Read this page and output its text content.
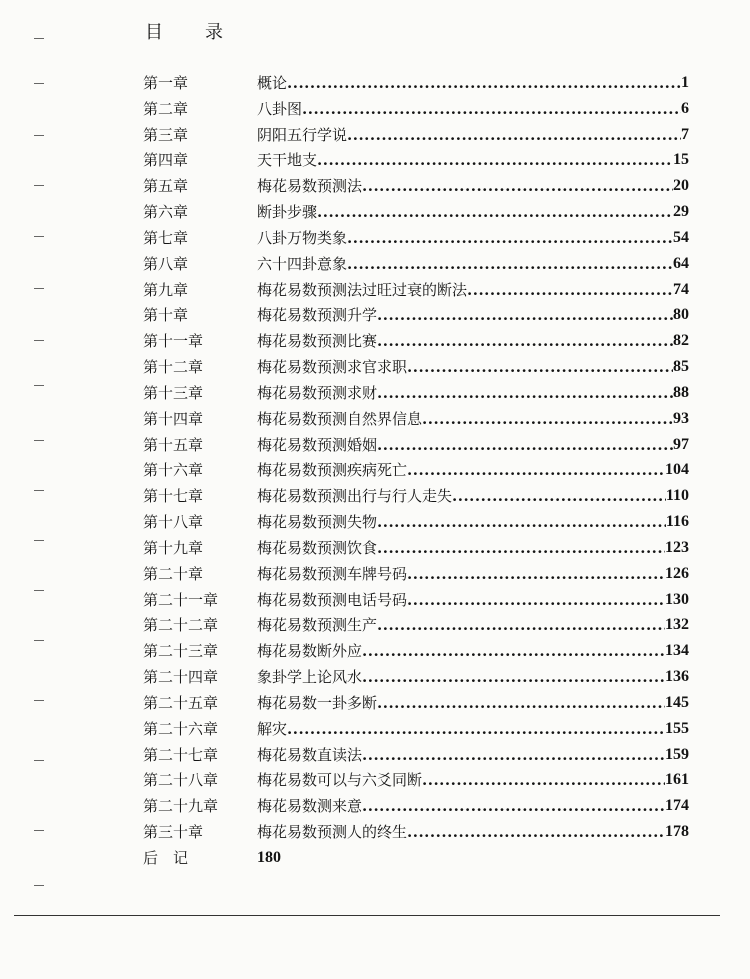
目 录
第一章	概论 .....	1
第二章	八卦图 .....	6
第三章	阴阳五行学说 .....	7
第四章	天干地支 .....	15
第五章	梅花易数预测法 .....	20
第六章	断卦步骤 .....	29
第七章	八卦万物类象 .....	54
第八章	六十四卦意象 .....	64
第九章	梅花易数预测法过旺过衰的断法 .....	74
第十章	梅花易数预测升学 .....	80
第十一章	梅花易数预测比赛 .....	82
第十二章	梅花易数预测求官求职 .....	85
第十三章	梅花易数预测求财 .....	88
第十四章	梅花易数预测自然界信息 .....	93
第十五章	梅花易数预测婚姻 .....	97
第十六章	梅花易数预测疾病死亡 .....	104
第十七章	梅花易数预测出行与行人走失 .....	110
第十八章	梅花易数预测失物 .....	116
第十九章	梅花易数预测饮食 .....	123
第二十章	梅花易数预测车牌号码 .....	126
第二十一章	梅花易数预测电话号码 .....	130
第二十二章	梅花易数预测生产 .....	132
第二十三章	梅花易数断外应 .....	134
第二十四章	象卦学上论风水 .....	136
第二十五章	梅花易数一卦多断 .....	145
第二十六章	解灾 .....	155
第二十七章	梅花易数直读法 .....	159
第二十八章	梅花易数可以与六爻同断 .....	161
第二十九章	梅花易数测来意 .....	174
第三十章	梅花易数预测人的终生 .....	178
后　记	180
